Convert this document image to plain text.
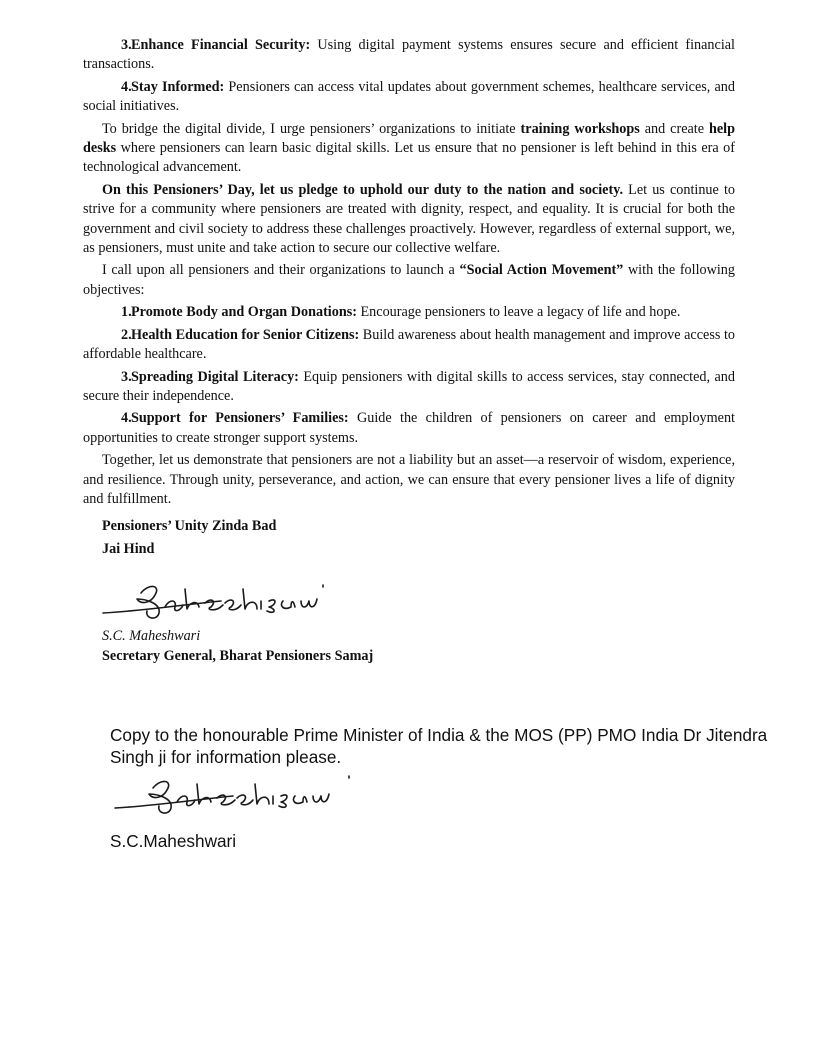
3.Enhance Financial Security: Using digital payment systems ensures secure and efficient financial transactions.

4.Stay Informed: Pensioners can access vital updates about government schemes, healthcare services, and social initiatives.

To bridge the digital divide, I urge pensioners’ organizations to initiate training workshops and create help desks where pensioners can learn basic digital skills. Let us ensure that no pensioner is left behind in this era of technological advancement.

On this Pensioners’ Day, let us pledge to uphold our duty to the nation and society. Let us continue to strive for a community where pensioners are treated with dignity, respect, and equality. It is crucial for both the government and civil society to address these challenges proactively. However, regardless of external support, we, as pensioners, must unite and take action to secure our collective welfare.

I call upon all pensioners and their organizations to launch a “Social Action Movement” with the following objectives:

1.Promote Body and Organ Donations: Encourage pensioners to leave a legacy of life and hope.

2.Health Education for Senior Citizens: Build awareness about health management and improve access to affordable healthcare.

3.Spreading Digital Literacy: Equip pensioners with digital skills to access services, stay connected, and secure their independence.

4.Support for Pensioners’ Families: Guide the children of pensioners on career and employment opportunities to create stronger support systems.

Together, let us demonstrate that pensioners are not a liability but an asset—a reservoir of wisdom, experience, and resilience. Through unity, perseverance, and action, we can ensure that every pensioner lives a life of dignity and fulfillment.

Pensioners’ Unity Zinda Bad
Jai Hind
S.C. Maheshwari
Secretary General, Bharat Pensioners Samaj
Copy to the honourable Prime Minister of India & the MOS (PP) PMO India Dr Jitendra Singh ji for information please.
S.C.Maheshwari
